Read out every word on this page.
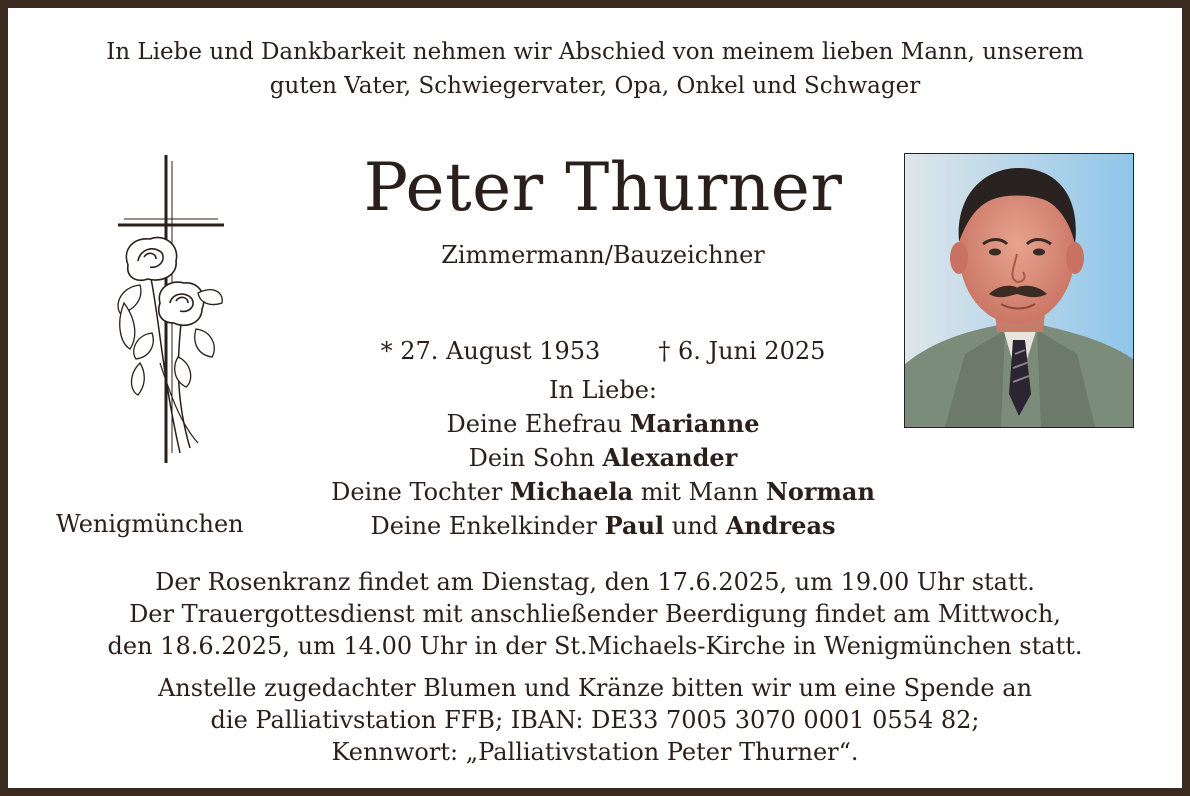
In Liebe und Dankbarkeit nehmen wir Abschied von meinem lieben Mann, unserem
guten Vater, Schwiegervater, Opa, Onkel und Schwager
Peter Thurner
Zimmermann/Bauzeichner
* 27. August 1953 † 6. Juni 2025
In Liebe:
Deine Ehefrau Marianne
Dein Sohn Alexander
Deine Tochter Michaela mit Mann Norman
Deine Enkelkinder Paul und Andreas
Wenigmünchen
Der Rosenkranz findet am Dienstag, den 17.6.2025, um 19.00 Uhr statt.
Der Trauergottesdienst mit anschließender Beerdigung findet am Mittwoch,
den 18.6.2025, um 14.00 Uhr in der St.Michaels-Kirche in Wenigmünchen statt.
Anstelle zugedachter Blumen und Kränze bitten wir um eine Spende an
die Palliativstation FFB; IBAN: DE33 7005 3070 0001 0554 82;
Kennwort: „Palliativstation Peter Thurner“.
